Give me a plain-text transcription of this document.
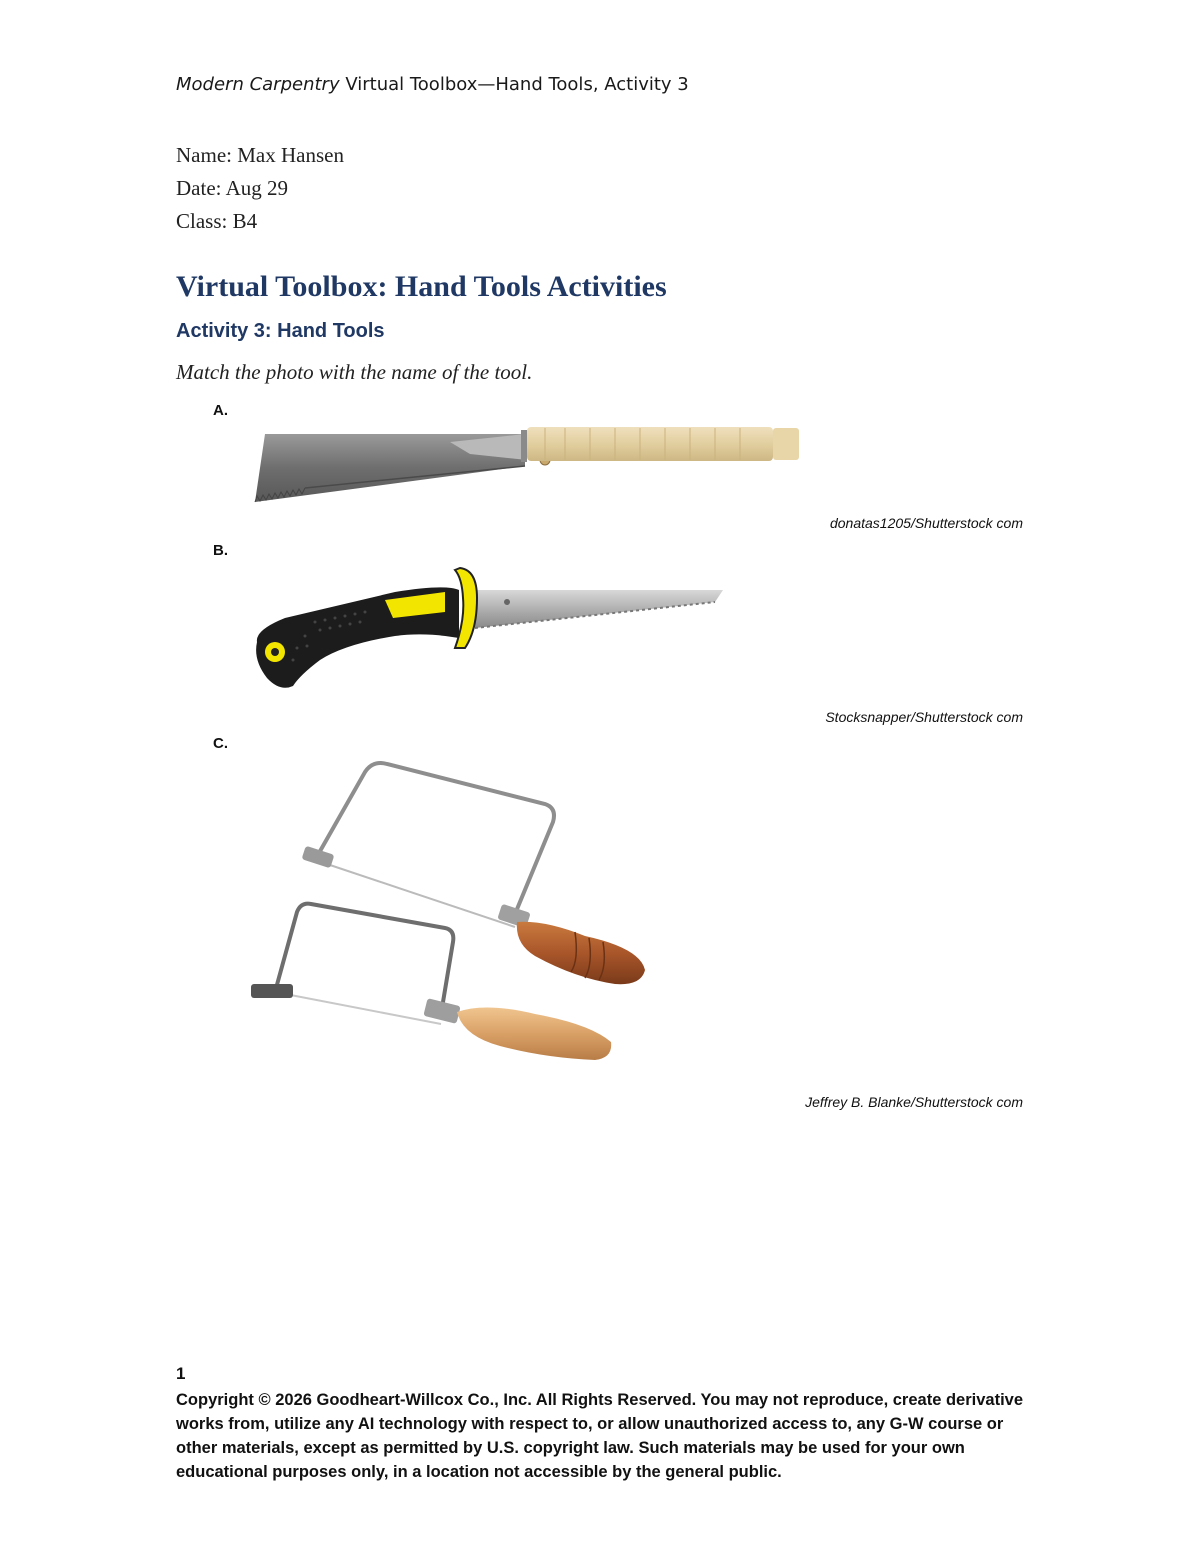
Modern Carpentry Virtual Toolbox—Hand Tools, Activity 3
Name: Max Hansen
Date: Aug 29
Class: B4
Virtual Toolbox: Hand Tools Activities
Activity 3: Hand Tools
Match the photo with the name of the tool.
A.
donatas1205/Shutterstock com
B.
Stocksnapper/Shutterstock com
C.
Jeffrey B. Blanke/Shutterstock com
1
Copyright © 2026 Goodheart-Willcox Co., Inc. All Rights Reserved. You may not reproduce, create derivative works from, utilize any AI technology with respect to, or allow unauthorized access to, any G-W course or other materials, except as permitted by U.S. copyright law. Such materials may be used for your own educational purposes only, in a location not accessible by the general public.
